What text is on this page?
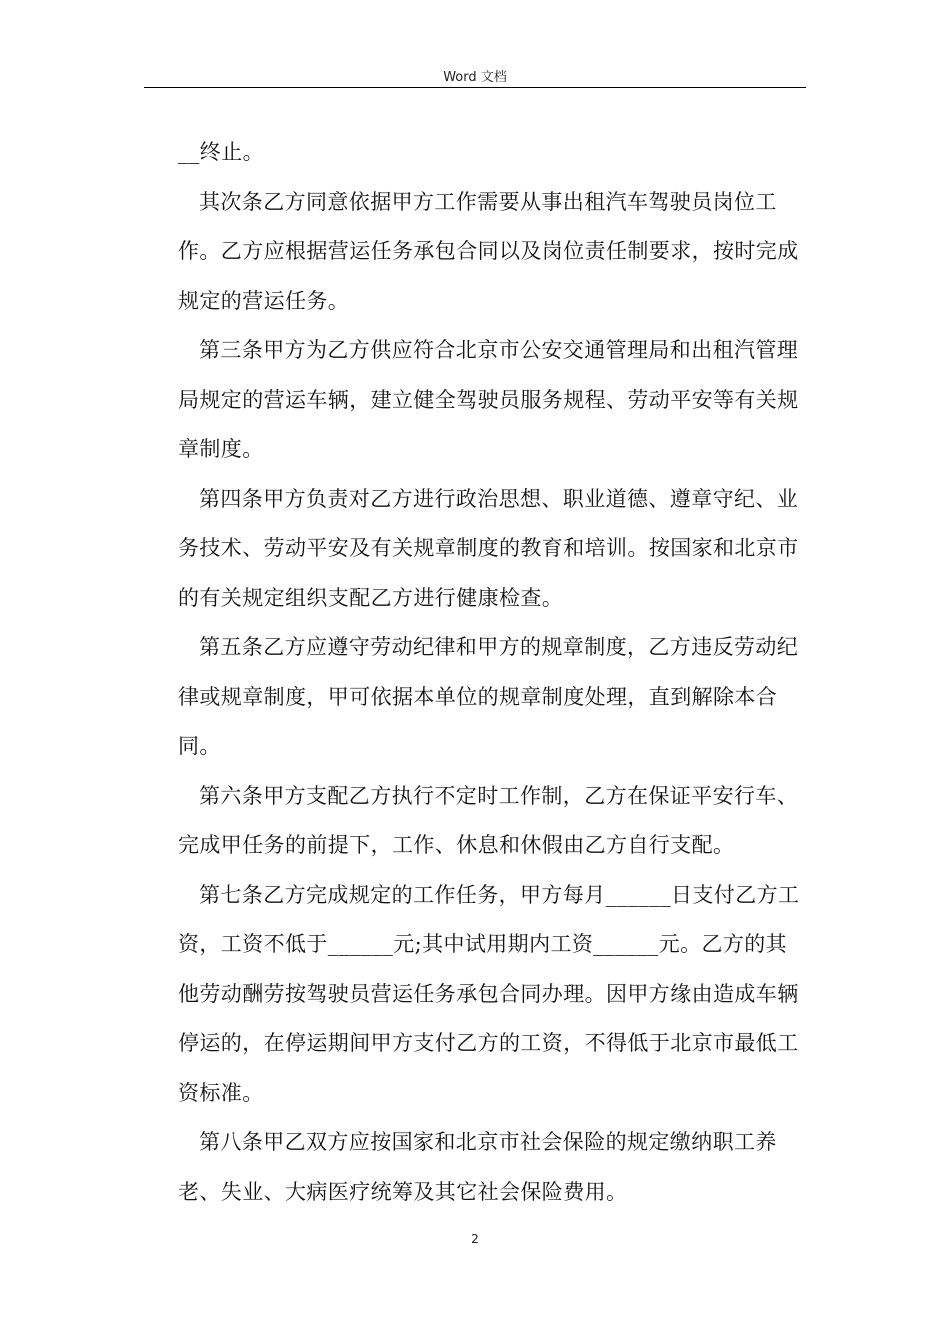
Word 文档

__终止。

其次条乙方同意依据甲方工作需要从事出租汽车驾驶员岗位工作。乙方应根据营运任务承包合同以及岗位责任制要求，按时完成规定的营运任务。

第三条甲方为乙方供应符合北京市公安交通管理局和出租汽管理局规定的营运车辆，建立健全驾驶员服务规程、劳动平安等有关规章制度。

第四条甲方负责对乙方进行政治思想、职业道德、遵章守纪、业务技术、劳动平安及有关规章制度的教育和培训。按国家和北京市的有关规定组织支配乙方进行健康检查。

第五条乙方应遵守劳动纪律和甲方的规章制度，乙方违反劳动纪律或规章制度，甲可依据本单位的规章制度处理，直到解除本合同。

第六条甲方支配乙方执行不定时工作制，乙方在保证平安行车、完成甲任务的前提下，工作、休息和休假由乙方自行支配。

第七条乙方完成规定的工作任务，甲方每月______日支付乙方工资，工资不低于______元;其中试用期内工资______元。乙方的其他劳动酬劳按驾驶员营运任务承包合同办理。因甲方缘由造成车辆停运的，在停运期间甲方支付乙方的工资，不得低于北京市最低工资标准。

第八条甲乙双方应按国家和北京市社会保险的规定缴纳职工养老、失业、大病医疗统筹及其它社会保险费用。

2
